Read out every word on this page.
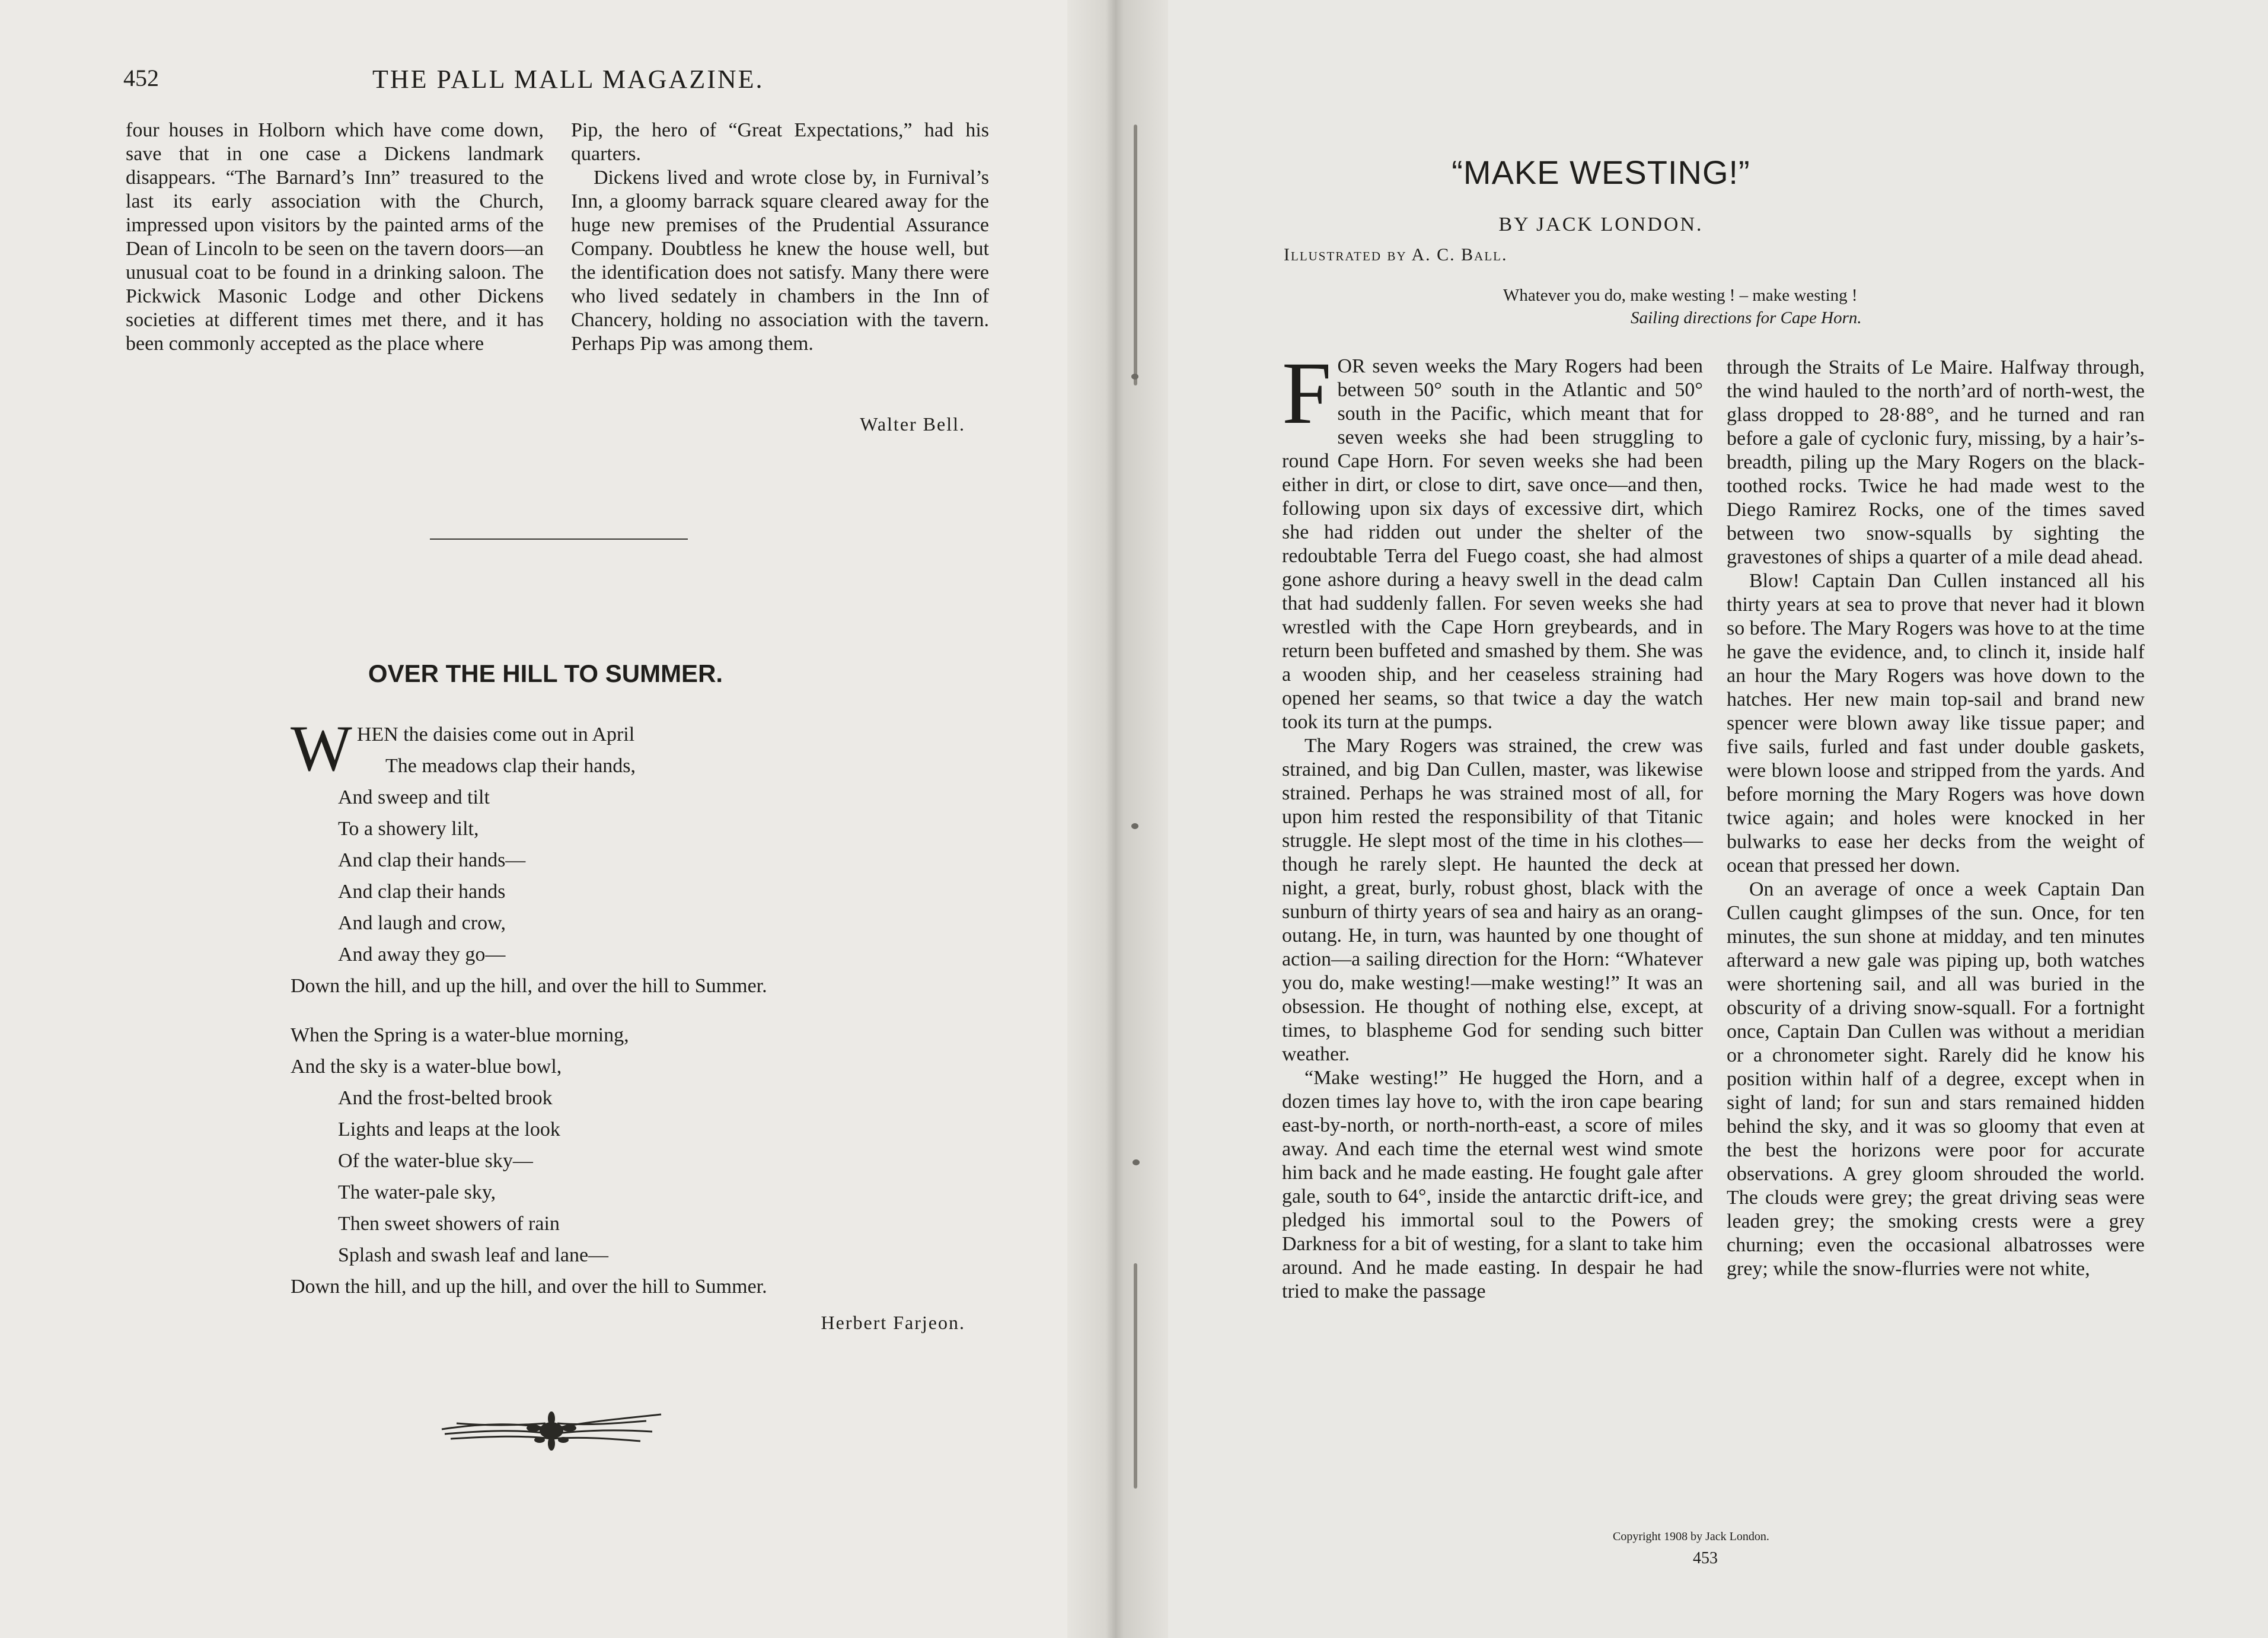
452	THE PALL MALL MAGAZINE.

four houses in Holborn which have come down, save that in one case a Dickens landmark disappears. “The Barnard’s Inn” treasured to the last its early association with the Church, impressed upon visitors by the painted arms of the Dean of Lincoln to be seen on the tavern doors—an unusual coat to be found in a drinking saloon. The Pickwick Masonic Lodge and other Dickens societies at different times met there, and it has been commonly accepted as the place where

Pip, the hero of “Great Expectations,” had his quarters.

Dickens lived and wrote close by, in Furnival’s Inn, a gloomy barrack square cleared away for the huge new premises of the Prudential Assurance Company. Doubtless he knew the house well, but the identification does not satisfy. Many there were who lived sedately in chambers in the Inn of Chancery, holding no association with the tavern. Perhaps Pip was among them.

Walter Bell.
OVER THE HILL TO SUMMER.
W HEN the daisies come out in April
The meadows clap their hands,
And sweep and tilt
To a showery lilt,
And clap their hands—
And clap their hands
And laugh and crow,
And away they go—
Down the hill, and up the hill, and over the hill to Summer.
When the Spring is a water-blue morning,
And the sky is a water-blue bowl,
And the frost-belted brook
Lights and leaps at the look
Of the water-blue sky—
The water-pale sky,
Then sweet showers of rain
Splash and swash leaf and lane—
Down the hill, and up the hill, and over the hill to Summer.
Herbert Farjeon.
“MAKE WESTING!”
BY JACK LONDON.
Illustrated by A. C. Ball.
Whatever you do, make westing ! – make westing !
Sailing directions for Cape Horn.

FOR seven weeks the Mary Rogers had been between 50° south in the Atlantic and 50° south in the Pacific, which meant that for seven weeks she had been struggling to round Cape Horn. For seven weeks she had been either in dirt, or close to dirt, save once—and then, following upon six days of excessive dirt, which she had ridden out under the shelter of the redoubtable Terra del Fuego coast, she had almost gone ashore during a heavy swell in the dead calm that had suddenly fallen. For seven weeks she had wrestled with the Cape Horn greybeards, and in return been buffeted and smashed by them. She was a wooden ship, and her ceaseless straining had opened her seams, so that twice a day the watch took its turn at the pumps.

The Mary Rogers was strained, the crew was strained, and big Dan Cullen, master, was likewise strained. Perhaps he was strained most of all, for upon him rested the responsibility of that Titanic struggle. He slept most of the time in his clothes—though he rarely slept. He haunted the deck at night, a great, burly, robust ghost, black with the sunburn of thirty years of sea and hairy as an orang-outang. He, in turn, was haunted by one thought of action—a sailing direction for the Horn: “Whatever you do, make westing!—make westing!” It was an obsession. He thought of nothing else, except, at times, to blaspheme God for sending such bitter weather.

“Make westing!” He hugged the Horn, and a dozen times lay hove to, with the iron cape bearing east-by-north, or north-north-east, a score of miles away. And each time the eternal west wind smote him back and he made easting. He fought gale after gale, south to 64°, inside the antarctic drift-ice, and pledged his immortal soul to the Powers of Darkness for a bit of westing, for a slant to take him around. And he made easting. In despair he had tried to make the passage

through the Straits of Le Maire. Halfway through, the wind hauled to the north’ard of north-west, the glass dropped to 28·88°, and he turned and ran before a gale of cyclonic fury, missing, by a hair’s-breadth, piling up the Mary Rogers on the black-toothed rocks. Twice he had made west to the Diego Ramirez Rocks, one of the times saved between two snow-squalls by sighting the gravestones of ships a quarter of a mile dead ahead.

Blow! Captain Dan Cullen instanced all his thirty years at sea to prove that never had it blown so before. The Mary Rogers was hove to at the time he gave the evidence, and, to clinch it, inside half an hour the Mary Rogers was hove down to the hatches. Her new main top-sail and brand new spencer were blown away like tissue paper; and five sails, furled and fast under double gaskets, were blown loose and stripped from the yards. And before morning the Mary Rogers was hove down twice again; and holes were knocked in her bulwarks to ease her decks from the weight of ocean that pressed her down.

On an average of once a week Captain Dan Cullen caught glimpses of the sun. Once, for ten minutes, the sun shone at midday, and ten minutes afterward a new gale was piping up, both watches were shortening sail, and all was buried in the obscurity of a driving snow-squall. For a fortnight once, Captain Dan Cullen was without a meridian or a chronometer sight. Rarely did he know his position within half of a degree, except when in sight of land; for sun and stars remained hidden behind the sky, and it was so gloomy that even at the best the horizons were poor for accurate observations. A grey gloom shrouded the world. The clouds were grey; the great driving seas were leaden grey; the smoking crests were a grey churning; even the occasional albatrosses were grey; while the snow-flurries were not white,

Copyright 1908 by Jack London.
453
